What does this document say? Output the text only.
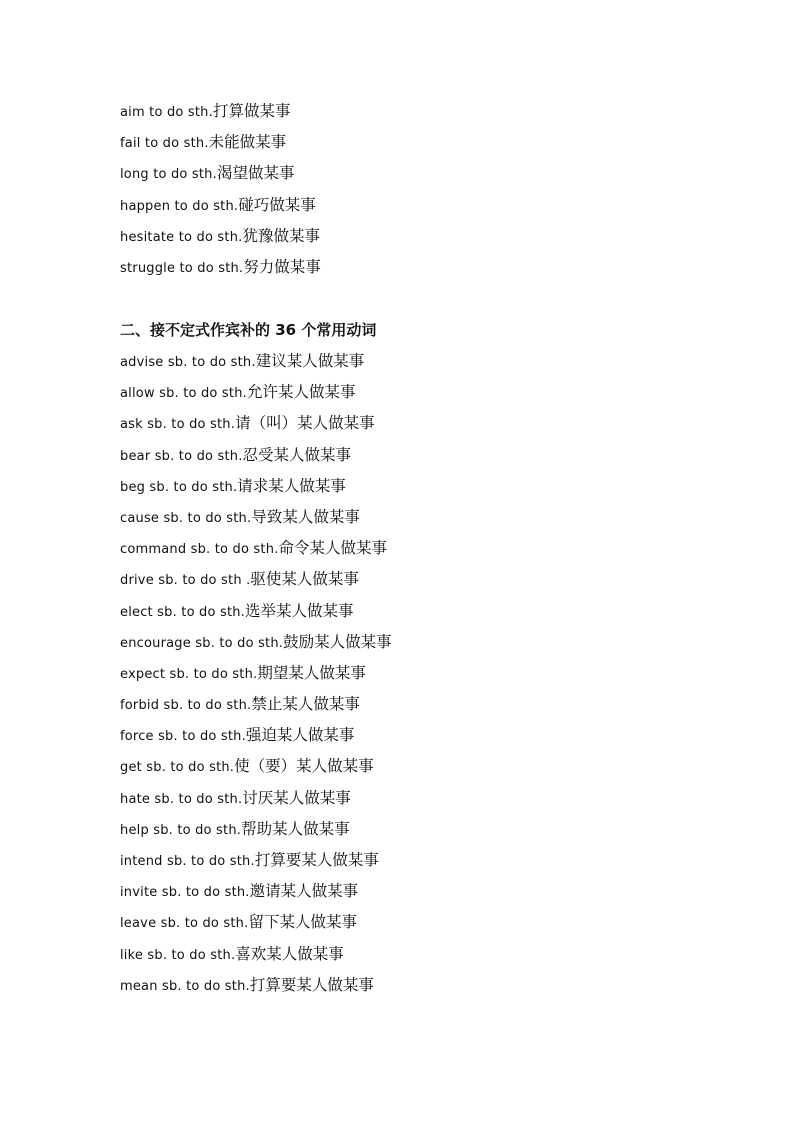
aim to do sth.打算做某事
fail to do sth.未能做某事
long to do sth.渴望做某事
happen to do sth.碰巧做某事
hesitate to do sth.犹豫做某事
struggle to do sth.努力做某事
二、接不定式作宾补的 36 个常用动词
advise sb. to do sth.建议某人做某事
allow sb. to do sth.允许某人做某事
ask sb. to do sth.请（叫）某人做某事
bear sb. to do sth.忍受某人做某事
beg sb. to do sth.请求某人做某事
cause sb. to do sth.导致某人做某事
command sb. to do sth.命令某人做某事
drive sb. to do sth .驱使某人做某事
elect sb. to do sth.选举某人做某事
encourage sb. to do sth.鼓励某人做某事
expect sb. to do sth.期望某人做某事
forbid sb. to do sth.禁止某人做某事
force sb. to do sth.强迫某人做某事
get sb. to do sth.使（要）某人做某事
hate sb. to do sth.讨厌某人做某事
help sb. to do sth.帮助某人做某事
intend sb. to do sth.打算要某人做某事
invite sb. to do sth.邀请某人做某事
leave sb. to do sth.留下某人做某事
like sb. to do sth.喜欢某人做某事
mean sb. to do sth.打算要某人做某事
